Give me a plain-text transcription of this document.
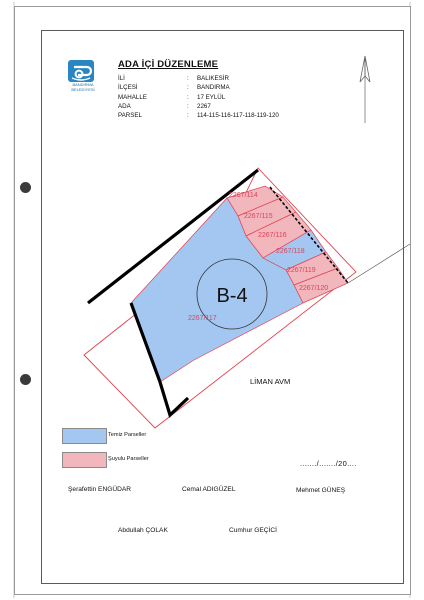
BANDIRMA BELEDİYESİ
ADA İÇİ DÜZENLEME
İLİ	: BALIKESİR
İLÇESİ	: BANDIRMA
MAHALLE	: 17 EYLÜL
ADA	: 2267
PARSEL	: 114-115-116-117-118-119-120
B-4
2267/114
2267/115
2267/116
2267/118
2267/119
2267/120
2267/117
LİMAN AVM
Temiz Parseller
Şuyulu Parseller	......./......./20....
Şerafettin ENGÜDAR	Cemal ADIGÜZEL	Mehmet GÜNEŞ
Abdullah ÇOLAK	Cumhur GEÇİCİ
